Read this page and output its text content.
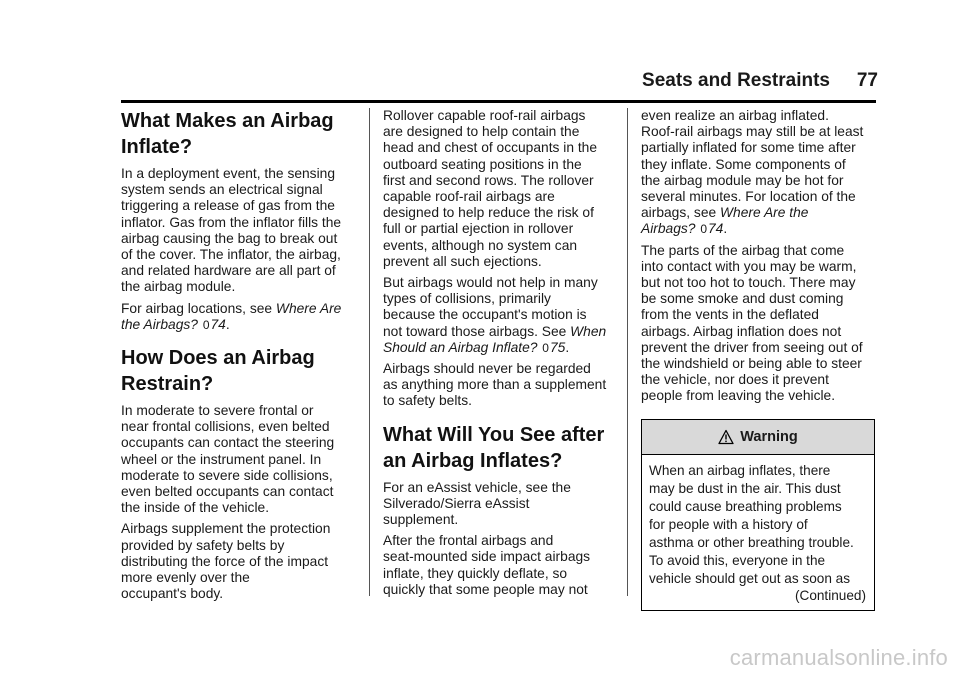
Seats and Restraints	77
What Makes an Airbag
Inflate?

In a deployment event, the sensing
system sends an electrical signal
triggering a release of gas from the
inflator. Gas from the inflator fills the
airbag causing the bag to break out
of the cover. The inflator, the airbag,
and related hardware are all part of
the airbag module.

For airbag locations, see Where Are
the Airbags? 074.

How Does an Airbag
Restrain?

In moderate to severe frontal or
near frontal collisions, even belted
occupants can contact the steering
wheel or the instrument panel. In
moderate to severe side collisions,
even belted occupants can contact
the inside of the vehicle.

Airbags supplement the protection
provided by safety belts by
distributing the force of the impact
more evenly over the
occupant's body.

Rollover capable roof-rail airbags
are designed to help contain the
head and chest of occupants in the
outboard seating positions in the
first and second rows. The rollover
capable roof-rail airbags are
designed to help reduce the risk of
full or partial ejection in rollover
events, although no system can
prevent all such ejections.

But airbags would not help in many
types of collisions, primarily
because the occupant's motion is
not toward those airbags. See When
Should an Airbag Inflate? 075.

Airbags should never be regarded
as anything more than a supplement
to safety belts.

What Will You See after
an Airbag Inflates?

For an eAssist vehicle, see the
Silverado/Sierra eAssist
supplement.

After the frontal airbags and
seat-mounted side impact airbags
inflate, they quickly deflate, so
quickly that some people may not

even realize an airbag inflated.
Roof-rail airbags may still be at least
partially inflated for some time after
they inflate. Some components of
the airbag module may be hot for
several minutes. For location of the
airbags, see Where Are the
Airbags? 074.

The parts of the airbag that come
into contact with you may be warm,
but not too hot to touch. There may
be some smoke and dust coming
from the vents in the deflated
airbags. Airbag inflation does not
prevent the driver from seeing out of
the windshield or being able to steer
the vehicle, nor does it prevent
people from leaving the vehicle.

Warning

When an airbag inflates, there
may be dust in the air. This dust
could cause breathing problems
for people with a history of
asthma or other breathing trouble.
To avoid this, everyone in the
vehicle should get out as soon as

(Continued)
carmanualsonline.info
